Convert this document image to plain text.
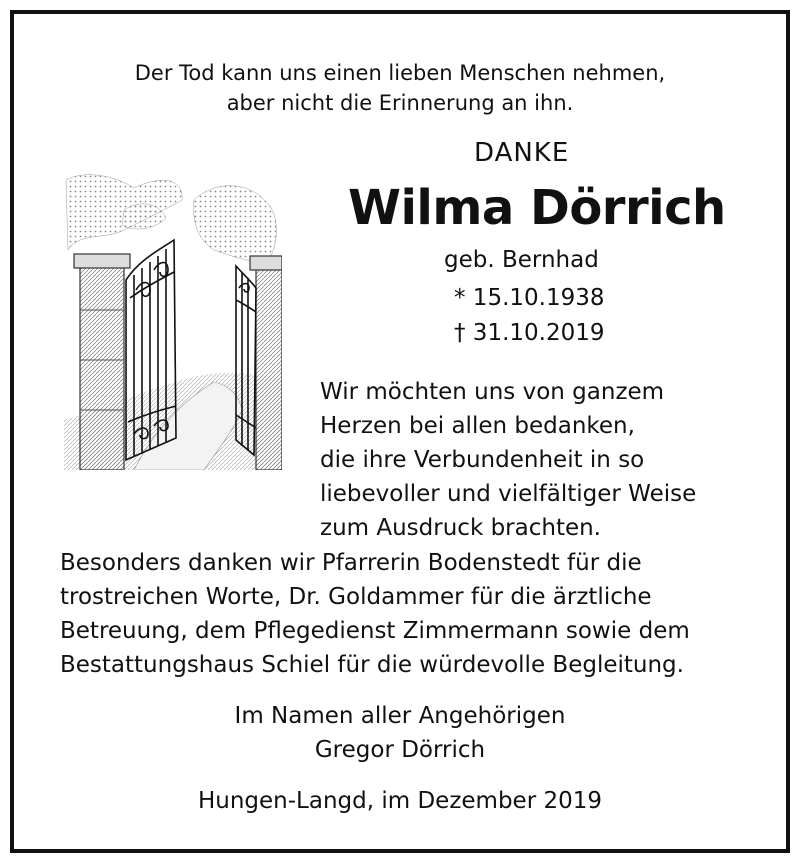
Der Tod kann uns einen lieben Menschen nehmen,
aber nicht die Erinnerung an ihn.
DANKE
Wilma Dörrich
geb. Bernhad
* 15.10.1938
† 31.10.2019
Wir möchten uns von ganzem
Herzen bei allen bedanken,
die ihre Verbundenheit in so
liebevoller und vielfältiger Weise
zum Ausdruck brachten.
Besonders danken wir Pfarrerin Bodenstedt für die
trostreichen Worte, Dr. Goldammer für die ärztliche
Betreuung, dem Pflegedienst Zimmermann sowie dem
Bestattungshaus Schiel für die würdevolle Begleitung.
Im Namen aller Angehörigen
Gregor Dörrich
Hungen-Langd, im Dezember 2019
